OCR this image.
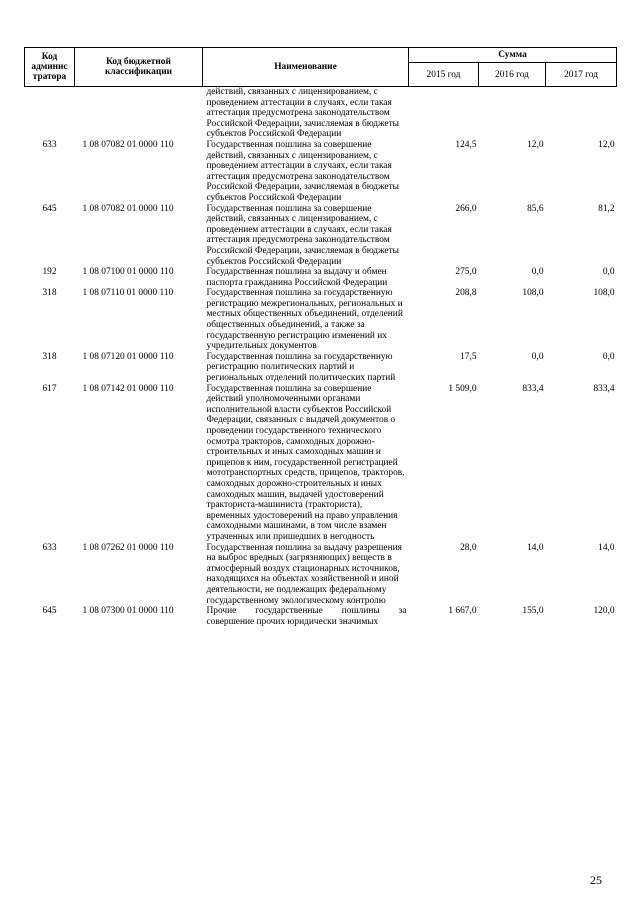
Код админис тратора	Код бюджетной классификации	Наименование	Сумма		
			2015 год	2016 год	2017 год
		действий, связанных с лицензированием, с проведением аттестации в случаях, если такая аттестация предусмотрена законодательством Российской Федерации, зачисляемая в бюджеты субъектов Российской Федерации			
633	1 08 07082 01 0000 110	Государственная пошлина за совершение действий, связанных с лицензированием, с проведением аттестации в случаях, если такая аттестация предусмотрена законодательством Российской Федерации, зачисляемая в бюджеты субъектов Российской Федерации	124,5	12,0	12,0
645	1 08 07082 01 0000 110	Государственная пошлина за совершение действий, связанных с лицензированием, с проведением аттестации в случаях, если такая аттестация предусмотрена законодательством Российской Федерации, зачисляемая в бюджеты субъектов Российской Федерации	266,0	85,6	81,2
192	1 08 07100 01 0000 110	Государственная пошлина за выдачу и обмен паспорта гражданина Российской Федерации	275,0	0,0	0,0
318	1 08 07110 01 0000 110	Государственная пошлина за государственную регистрацию межрегиональных, региональных и местных общественных объединений, отделений общественных объединений, а также за государственную регистрацию изменений их учредительных документов	208,8	108,0	108,0
318	1 08 07120 01 0000 110	Государственная пошлина за государственную регистрацию политических партий и региональных отделений политических партий	17,5	0,0	0,0
617	1 08 07142 01 0000 110	Государственная пошлина за совершение действий уполномоченными органами исполнительной власти субъектов Российской Федерации, связанных с выдачей документов о проведении государственного технического осмотра тракторов, самоходных дорожно-строительных и иных самоходных машин и прицепов к ним, государственной регистрацией мототранспортных средств, прицепов, тракторов, самоходных дорожно-строительных и иных самоходных машин, выдачей удостоверений тракториста-машиниста (тракториста), временных удостоверений на право управления самоходными машинами, в том числе взамен утраченных или пришедших в негодность	1 509,0	833,4	833,4
633	1 08 07262 01 0000 110	Государственная пошлина за выдачу разрешения на выброс вредных (загрязняющих) веществ в атмосферный воздух стационарных источников, находящихся на объектах хозяйственной и иной деятельности, не подлежащих федеральному государственному экологическому контролю	28,0	14,0	14,0
645	1 08 07300 01 0000 110	Прочие государственные пошлины за совершение прочих юридически значимых	1 667,0	155,0	120,0
25
